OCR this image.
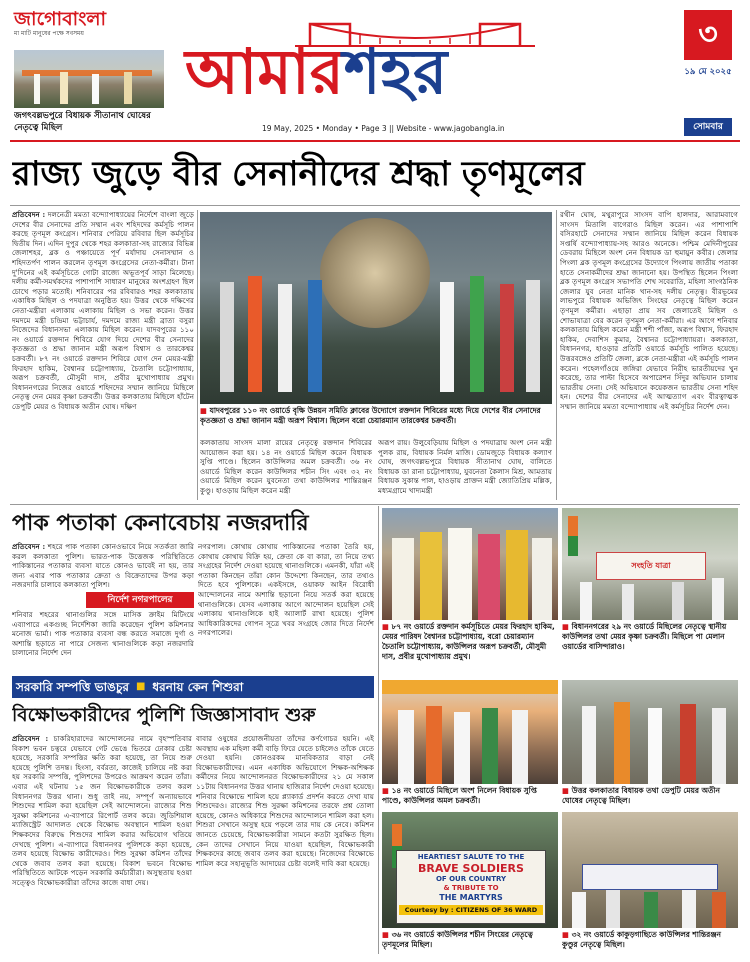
জাগোবাংলা
মা মাটি মানুষের পক্ষে সবসময়
জগৎবল্লভপুরে বিধায়ক সীতানাথ ঘোষের নেতৃত্বে মিছিল
আমারশহর
19 May, 2025 • Monday • Page 3 || Website - www.jagobangla.in
৩
১৯ মে ২০২৫
সোমবার
রাজ্য জুড়ে বীর সেনানীদের শ্রদ্ধা তৃণমূলের
প্রতিবেদন : দলনেত্রী মমতা বন্দ্যোপাধ্যায়ের নির্দেশে বাংলা জুড়ে দেশের বীর সেনাদের প্রতি সম্মান এবং শহিদদের কর্মসূচি পালন করছে তৃণমূল কংগ্রেস। শনিবার পেরিয়ে রবিবার ছিল কর্মসূচির দ্বিতীয় দিন। এদিন দুপুর থেকে শহর কলকাতা-সহ রাজ্যের বিভিন্ন জেলাশহর, ব্লক ও পঞ্চায়েতে পূর্ণ মর্যাদায় সেনাসম্মান ও শহিদতর্পণ পালন করলেন তৃণমূল কংগ্রেসের নেতা-কর্মীরা। টানা দু'দিনের এই কর্মসূচিতে গোটা রাজ্যে অভূতপূর্ব সাড়া মিলেছে। দলীয় কর্মী-সমর্থকদের পাশাপাশি সাধারণ মানুষের অংশগ্রহণ ছিল চোখে পড়ার মতোই। শনিবারের পর রবিবারও শহর কলকাতায় একাধিক মিছিল ও পদযাত্রা অনুষ্ঠিত হয়। উত্তর থেকে দক্ষিণের নেতা-মন্ত্রীরা এলাকায় এলাকায় মিছিল ও সভা করেন। উত্তর দমদমে মন্ত্রী চন্দ্রিমা ভট্টাচার্য, দমদমে রাজ্য মন্ত্রী ব্রাত্য বসুরা নিজেদের বিধানসভা এলাকায় মিছিল করেন। যাদবপুরের ১১০ নং ওয়ার্ডে রক্তদান শিবিরে যোগ দিয়ে দেশের বীর সেনাদের কৃতজ্ঞতা ও শ্রদ্ধা জানান মন্ত্রী অরূপ বিশ্বাস ও তারকেশ্বর চক্রবর্তী। ৮৭ নং ওয়ার্ডে রক্তদান শিবিরে যোগ দেন মেয়র-মন্ত্রী ফিরহাদ হাকিম, বৈশ্বানর চট্টোপাধ্যায়, চৈতালি চট্টোপাধ্যায়, অরূপ চক্রবর্তী, মৌসুমী দাস, প্রবীর মুখোপাধ্যায় প্রমুখ। বিধাননগরের নিজের ওয়ার্ডে শহিদদের সম্মান জানিয়ে মিছিলে নেতৃত্ব দেন মেয়র কৃষ্ণা চক্রবর্তী। উত্তর কলকাতায় মিছিলে হাঁটেন ডেপুটি মেয়র ও বিধায়ক অতীন ঘোষ। দক্ষিণ	■ যাদবপুরের ১১০ নং ওয়ার্ডে বৃক্ষি উন্নয়ন সমিতি ক্লাবের উদ্যোগে রক্তদান শিবিরের মধ্যে দিয়ে দেশের বীর সেনাদের কৃতজ্ঞতা ও শ্রদ্ধা জানান মন্ত্রী অরূপ বিশ্বাস। ছিলেন বরো চেয়ারম্যান তারকেশ্বর চক্রবর্তী।
কলকাতায় সাংসদ মালা রায়ের নেতৃত্বে রক্তদান শিবিরের আয়োজন করা হয়। ১৪ নং ওয়ার্ডে মিছিল করেন বিধায়ক সুপ্তি পাণ্ডে। ছিলেন কাউন্সিলর অমল চক্রবর্তী। ৩৬ নং ওয়ার্ডে মিছিল করেন কাউন্সিলর শচীন সিং এবং ৩২ নং ওয়ার্ডে মিছিল করেন যুবনেতা তথা কাউন্সিলর শান্তিরঞ্জন কুণ্ডু। হাওড়ায় মিছিল করেন মন্ত্রী
অরূপ রায়। উলুবেড়িয়ায় মিছিল ও পদযাত্রায় অংশ নেন মন্ত্রী পুলক রায়, বিধায়ক নির্মল মাজি। ডোমজুড়ে বিধায়ক কল্যাণ ঘোষ, জগৎবল্লভপুরে বিধায়ক সীতানাথ ঘোষ, বালিতে বিধায়ক ডা রানা চট্টোপাধ্যায়, যুবনেতা কৈলাস মিশ্র, আমতায় বিধায়ক সুকান্ত পাল, হাওড়ায় প্রাক্তন মন্ত্রী জ্যোতিপ্রিয় মল্লিক, মধ্যমগ্রামে খাদ্যমন্ত্রী
রথীন ঘোষ, মথুরাপুরে সাংসদ বাপি হালদার, আরামবাগে সাংসদ মিতালি বাগেরাও মিছিল করেন। এর পাশাপাশি বসিরহাটে সেনাদের সম্মান জানিয়ে মিছিল করেন বিধায়ক সপ্তর্ষি বন্দ্যোপাধ্যায়-সহ আরও অনেকে। পশ্চিম মেদিনীপুরের ডেবরায় মিছিলে অংশ নেন বিধায়ক ডা হুমায়ুন কবীর। জেলার পিংলা ব্লক তৃণমূল কংগ্রেসের উদ্যোগে পিংলায় জাতীয় পতাকা হাতে সেনাকর্মীদের শ্রদ্ধা জানানো হয়। উপস্থিত ছিলেন পিংলা ব্লক তৃণমূল কংগ্রেস সভাপতি শেখ সবেরাতি, মহিলা সাংগঠনিক জেলার যুব নেতা মানিক খান-সহ দলীয় নেতৃত্ব। বীরভূমের লাভপুরে বিধায়ক অভিজিৎ সিংহের নেতৃত্বে মিছিল করেন তৃণমূল কর্মীরা। এছাড়া প্রায় সব জেলাতেই মিছিল ও শোভাযাত্রা বের করেন তৃণমূল নেতা-কর্মীরা। এর আগে শনিবার কলকাতায় মিছিল করেন মন্ত্রী শশী পাঁজা, অরূপ বিশ্বাস, ফিরহাদ হাকিম, দেবাশিস কুমার, বৈশ্বানর চট্টোপাধ্যায়রা। কলকাতা, বিধাননগর, হাওড়ার প্রতিটি ওয়ার্ডে কর্মসূচি পালিত হয়েছে। উত্তরবঙ্গেও প্রতিটি জেলা, ব্লকে নেতা-মন্ত্রীরা এই কর্মসূচি পালন করেন। পহেলগাঁওয়ে জঙ্গিরা যেভাবে নিরীহ ভারতীয়দের খুন করেছে, তার পাল্টা হিসেবে অপারেশন সিঁদুর অভিযান চালায় ভারতীয় সেনা। সেই অভিযানে কয়েকজন ভারতীয় সেনা শহিদ হন। দেশের বীর সেনাদের এই আত্মত্যাগ এবং বীরত্বাত্মক সম্মান জানিয়ে মমতা বন্দ্যোপাধ্যায় এই কর্মসূচির নির্দেশ দেন।
পাক পতাকা কেনাবেচায় নজরদারি
প্রতিবেদন : শহরে পাক পতাকা কোনওভাবে নিয়ে সতর্কতা জারি করল কলকাতা পুলিশ। ভারত-পাক উত্তেজক পরিস্থিতিতে পাকিস্তানের পতাকার ব্যবসা যাতে কোনও ভাবেই না হয়, তার জন্য এবার পাক পতাকার ক্রেতা ও বিক্রেতাদের উপর কড়া নজরদারি চালাবে কলকাতা পুলিশ।
নির্দেশ নগরপালের
শনিবার শহরের থানাগুলির সঙ্গে মাসিক ক্রাইম মিটিংয়ে এব্যাপারে একগুচ্ছ নির্দেশিকা জারি করেছেন পুলিশ কমিশনার মনোজ ভার্মা। পাক পতাকার ব্যবসা বন্ধ করতে সমাজে দুর্গা ও অশান্তি ছড়াতে না পারে সেজন্য থানাগুলিকে কড়া নজরদারি চালানোর নির্দেশ দেন
নগরপাল। কোথায় কোথায় পাকিস্তানের পতাকা তৈরি হয়, কোথায় কোথায় বিক্রি হয়, ক্রেতা কে বা কারা, তা নিয়ে তথ্য সংগ্রহের নির্দেশ দেওয়া হয়েছে থানাগুলিকে। এমনকী, যাঁরা এই পতাকা কিনছেন তাঁরা কোন উদ্দেশ্যে কিনছেন, তার তথ্যও দিতে হবে পুলিশকে। একইসঙ্গে, ওয়াকফ আইন বিরোধী আন্দোলনের নামে অশান্তি ছড়ানো নিয়ে সতর্ক করা হয়েছে থানাগুলিকে। যেসব এলাকায় আগে আন্দোলন হয়েছিল সেই এলাকায় থানাগুলিকে হাই অ্যালার্ট রাখা হয়েছে। পুলিশ আধিকারিকদের গোপন সূত্রে খবর সংগ্রহে জোর দিতে নির্দেশ নগরপালের।
সরকারি সম্পত্তি ভাঙচুর ■ ধরনায় কেন শিশুরা
বিক্ষোভকারীদের পুলিশি জিজ্ঞাসাবাদ শুরু
প্রতিবেদন : চাকরিহারাদের আন্দোলনের নামে বৃহস্পতিবার বিকাশ ভবন চত্বরে যেভাবে গেট ভেঙে ভিতরে ঢোকার চেষ্টা হয়েছে, সরকারি সম্পত্তির ক্ষতি করা হয়েছে, তা নিয়ে শুরু হয়েছে পুলিশি তদন্ত। হিংসা, বর্বরতা, কাজেই চালিয়ে নষ্ট করা হয় সরকারি সম্পত্তি, পুলিশদের উপরেও আক্রমণ করেন তাঁরা। এবার এই ঘটনায় ১৫ জন বিক্ষোভকারীকে তলব করল বিধাননগর উত্তর থানা। শুধু তাই নয়, সম্পূর্ণ অন্যায়ভাবে শিশুদের শামিল করা হয়েছিল সেই আন্দোলনে। রাজ্যের শিশু সুরক্ষা কমিশনের এ-ব্যাপারে রিপোর্ট তলব করে। জুডিশিয়াল ম্যাজিস্ট্রেট আদালত থেকে বিক্ষোভ অবস্থানে শামিল হওয়া শিক্ষকদের বিরুদ্ধে শিশুদের শামিল করার অভিযোগ খতিয়ে দেখছে পুলিশ। এ-ব্যাপারে বিধাননগর পুলিশকে কড়া হয়েছে, তলব হয়েছে বিক্ষোভ কারীদেরও। শিশু সুরক্ষা কমিশন তাঁদের থেকে জবাব তলব করা হয়েছে। বিকাশ ভবনে বিক্ষোভ পরিস্থিতিতে আটকে পড়েন সরকারি কর্মচারীরা। অসুস্থতায় হওয়া সত্ত্বেও বিক্ষোভকারীরা তাঁদের কাজে বাধা দেয়।
বাবার ওষুধের প্রয়োজনীয়তা তাঁদের কর্ণগোচর হয়নি। এই অবস্থায় এক মহিলা কর্মী বাড়ি ফিরে যেতে চাইলেও তাঁকে যেতে দেওয়া হয়নি। কোনওরকম মানবিকতার বাড়া নেই বিক্ষোভকারীদের। এমন একাধিক অভিযোগে শিক্ষক-অশিক্ষক কর্মীদের নিয়ে আন্দোলনরত বিক্ষোভকারীদের ২১ মে সকাল ১১টায় বিধাননগর উত্তর থানায় হাজিরার নির্দেশ দেওয়া হয়েছে। শনিবার বিক্ষোভে শামিল হয়ে প্ল্যাকার্ড প্রদর্শন করতে দেখা যায় শিশুদেরও। রাজ্যের শিশু সুরক্ষা কমিশনের তরফে প্রশ্ন তোলা হয়েছে, কোনও অধিকারে শিশুদের আন্দোলনে শামিল করা হল। শিশুরা সেখানে অসুস্থ হয়ে পড়লে তার দায় কে নেবে। কমিশন জানতে চেয়েছে, বিক্ষোভকারীরা সামনে কতটা সুরক্ষিত ছিল। কেন তাদের সেখানে নিয়ে যাওয়া হয়েছিল, বিক্ষোভকারী শিক্ষকদের কাছে জবাব তলব করা হয়েছে। নিজেদের বিক্ষোভে শামিল করে সহানুভূতি আদায়ের চেষ্টা বলেই দাবি করা হয়েছে।
■ ৮৭ নং ওয়ার্ডে রক্তদান কর্মসূচিতে মেয়র ফিরহাদ হাকিম, মেয়র পারিষদ বৈশ্বানর চট্টোপাধ্যায়, বরো চেয়ারম্যান চৈতালি চট্টোপাধ্যায়, কাউন্সিলর অরূপ চক্রবর্তী, মৌসুমী দাস, প্রবীর মুখোপাধ্যায় প্রমুখ।
সংহতি যাত্রা
■ বিধাননগরের ২৯ নং ওয়ার্ডে মিছিলের নেতৃত্বে স্থানীয় কাউন্সিলর তথা মেয়র কৃষ্ণা চক্রবর্তী। মিছিলে পা মেলান ওয়ার্ডের বাসিন্দারাও।
■ ১৪ নং ওয়ার্ডে মিছিলে অংশ নিলেন বিধায়ক সুপ্তি পাণ্ডে, কাউন্সিলর অমল চক্রবর্তী।
■ উত্তর কলকাতার বিধায়ক তথা ডেপুটি মেয়র অতীন ঘোষের নেতৃত্বে মিছিল।
HEARTIEST SALUTE TO THE
BRAVE SOLDIERS
OF OUR COUNTRY
& TRIBUTE TO
THE MARTYRS
Courtesy by : CITIZENS OF 36 WARD
■ ৩৬ নং ওয়ার্ডে কাউন্সিলর শচীন সিংয়ের নেতৃত্বে তৃণমূলের মিছিল।
■ ৩২ নং ওয়ার্ডে কাকুড়গাছিতে কাউন্সিলর শান্তিরঞ্জন কুণ্ডুর নেতৃত্বে মিছিল।
